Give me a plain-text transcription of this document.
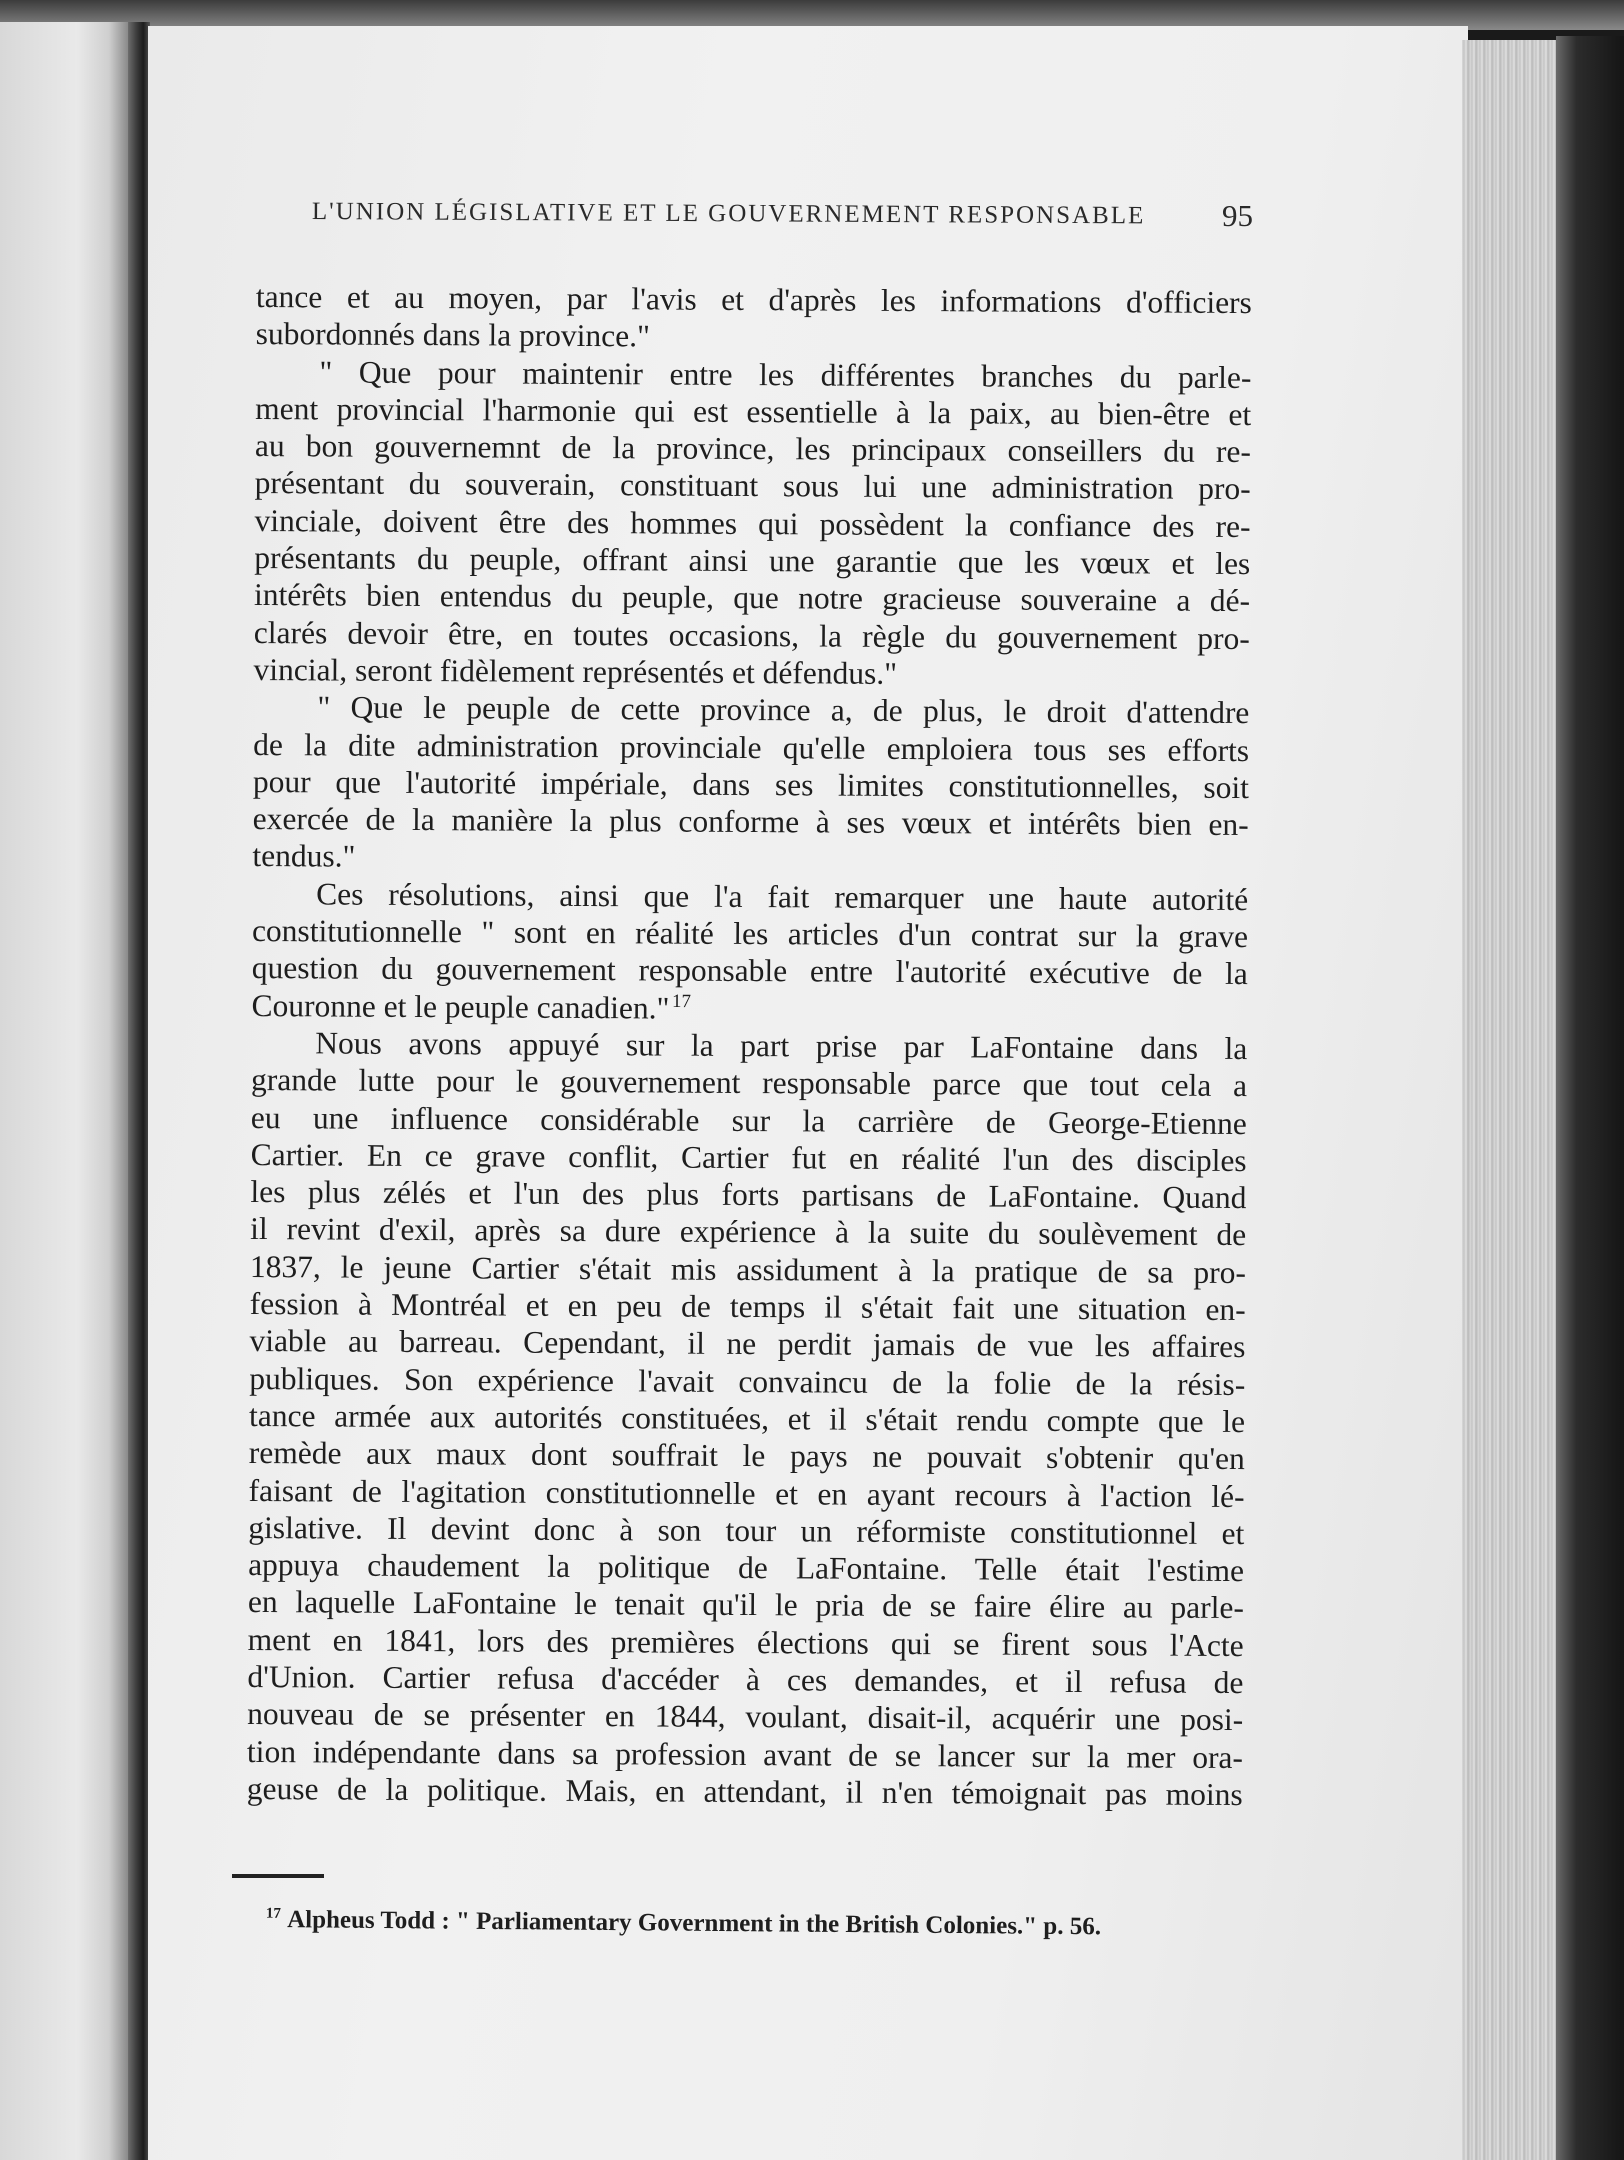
L'UNION LÉGISLATIVE ET LE GOUVERNEMENT RESPONSABLE	95
tance et au moyen, par l'avis et d'après les informations d'officiers
subordonnés dans la province."
" Que pour maintenir entre les différentes branches du parle-
ment provincial l'harmonie qui est essentielle à la paix, au bien-être et
au bon gouvernemnt de la province, les principaux conseillers du re-
présentant du souverain, constituant sous lui une administration pro-
vinciale, doivent être des hommes qui possèdent la confiance des re-
présentants du peuple, offrant ainsi une garantie que les vœux et les
intérêts bien entendus du peuple, que notre gracieuse souveraine a dé-
clarés devoir être, en toutes occasions, la règle du gouvernement pro-
vincial, seront fidèlement représentés et défendus."
" Que le peuple de cette province a, de plus, le droit d'attendre
de la dite administration provinciale qu'elle emploiera tous ses efforts
pour que l'autorité impériale, dans ses limites constitutionnelles, soit
exercée de la manière la plus conforme à ses vœux et intérêts bien en-
tendus."
Ces résolutions, ainsi que l'a fait remarquer une haute autorité
constitutionnelle " sont en réalité les articles d'un contrat sur la grave
question du gouvernement responsable entre l'autorité exécutive de la
Couronne et le peuple canadien."  $^{17}$
Nous avons appuyé sur la part prise par LaFontaine dans la
grande lutte pour le gouvernement responsable parce que tout cela a
eu une influence considérable sur la carrière de George-Etienne
Cartier. En ce grave conflit, Cartier fut en réalité l'un des disciples
les plus zélés et l'un des plus forts partisans de LaFontaine. Quand
il revint d'exil, après sa dure expérience à la suite du soulèvement de
1837, le jeune Cartier s'était mis assidument à la pratique de sa pro-
fession à Montréal et en peu de temps il s'était fait une situation en-
viable au barreau. Cependant, il ne perdit jamais de vue les affaires
publiques. Son expérience l'avait convaincu de la folie de la résis-
tance armée aux autorités constituées, et il s'était rendu compte que le
remède aux maux dont souffrait le pays ne pouvait s'obtenir qu'en
faisant de l'agitation constitutionnelle et en ayant recours à l'action lé-
gislative. Il devint donc à son tour un réformiste constitutionnel et
appuya chaudement la politique de LaFontaine. Telle était l'estime
en laquelle LaFontaine le tenait qu'il le pria de se faire élire au parle-
ment en 1841, lors des premières élections qui se firent sous l'Acte
d'Union. Cartier refusa d'accéder à ces demandes, et il refusa de
nouveau de se présenter en 1844, voulant, disait-il, acquérir une posi-
tion indépendante dans sa profession avant de se lancer sur la mer ora-
geuse de la politique. Mais, en attendant, il n'en témoignait pas moins
$^{17}$ Alpheus Todd : " Parliamentary Government in the British Colonies." p. 56.
